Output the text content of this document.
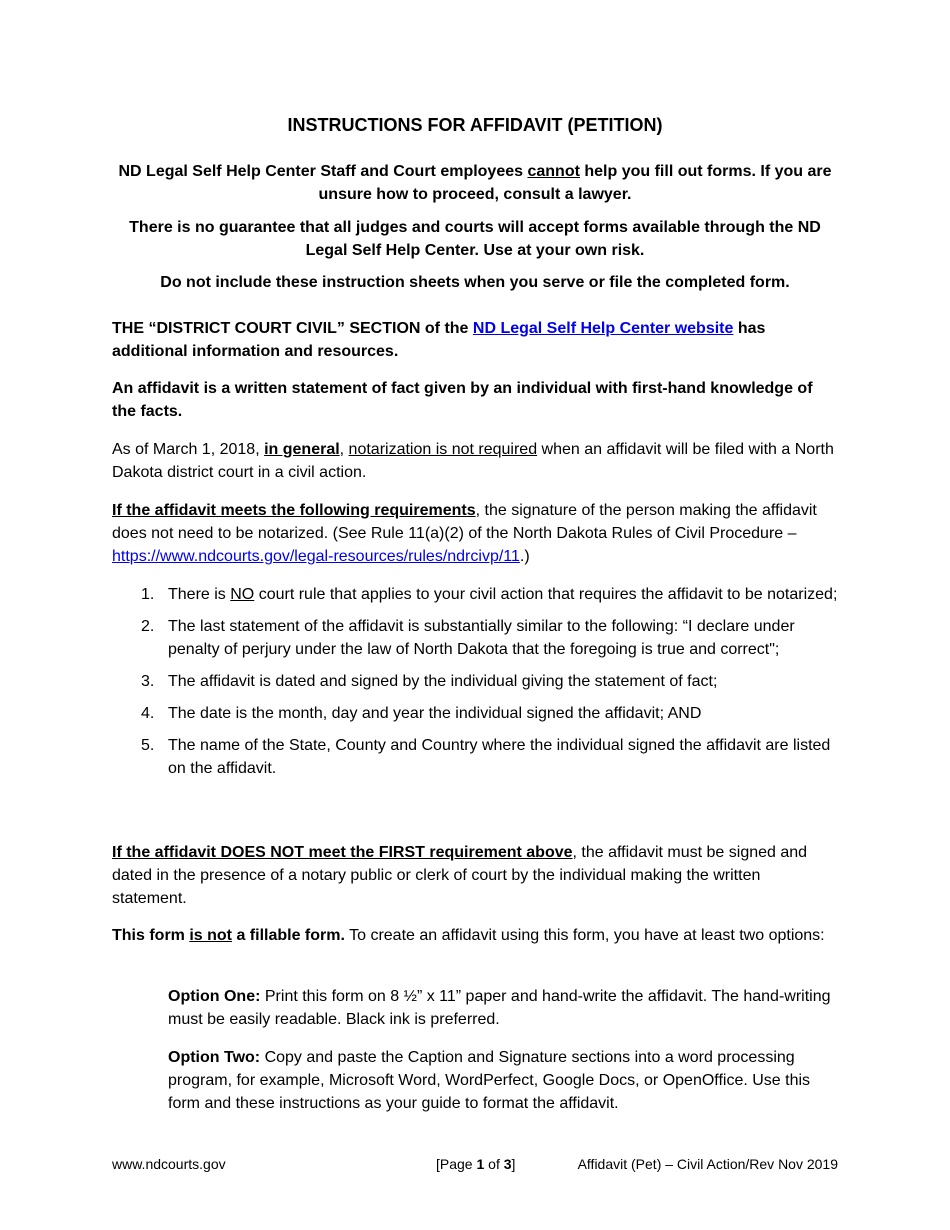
INSTRUCTIONS FOR AFFIDAVIT (PETITION)
ND Legal Self Help Center Staff and Court employees cannot help you fill out forms. If you are unsure how to proceed, consult a lawyer.
There is no guarantee that all judges and courts will accept forms available through the ND Legal Self Help Center. Use at your own risk.
Do not include these instruction sheets when you serve or file the completed form.
THE “DISTRICT COURT CIVIL” SECTION of the ND Legal Self Help Center website has additional information and resources.
An affidavit is a written statement of fact given by an individual with first-hand knowledge of the facts.
As of March 1, 2018, in general, notarization is not required when an affidavit will be filed with a North Dakota district court in a civil action.
If the affidavit meets the following requirements, the signature of the person making the affidavit does not need to be notarized. (See Rule 11(a)(2) of the North Dakota Rules of Civil Procedure – https://www.ndcourts.gov/legal-resources/rules/ndrcivp/11.)
1. There is NO court rule that applies to your civil action that requires the affidavit to be notarized;
2. The last statement of the affidavit is substantially similar to the following: “I declare under penalty of perjury under the law of North Dakota that the foregoing is true and correct";
3. The affidavit is dated and signed by the individual giving the statement of fact;
4. The date is the month, day and year the individual signed the affidavit; AND
5. The name of the State, County and Country where the individual signed the affidavit are listed on the affidavit.
If the affidavit DOES NOT meet the FIRST requirement above, the affidavit must be signed and dated in the presence of a notary public or clerk of court by the individual making the written statement.
This form is not a fillable form. To create an affidavit using this form, you have at least two options:
Option One: Print this form on 8 ½” x 11” paper and hand-write the affidavit. The hand-writing must be easily readable. Black ink is preferred.
Option Two: Copy and paste the Caption and Signature sections into a word processing program, for example, Microsoft Word, WordPerfect, Google Docs, or OpenOffice. Use this form and these instructions as your guide to format the affidavit.
www.ndcourts.gov	[Page 1 of 3]	Affidavit (Pet) – Civil Action/Rev Nov 2019
